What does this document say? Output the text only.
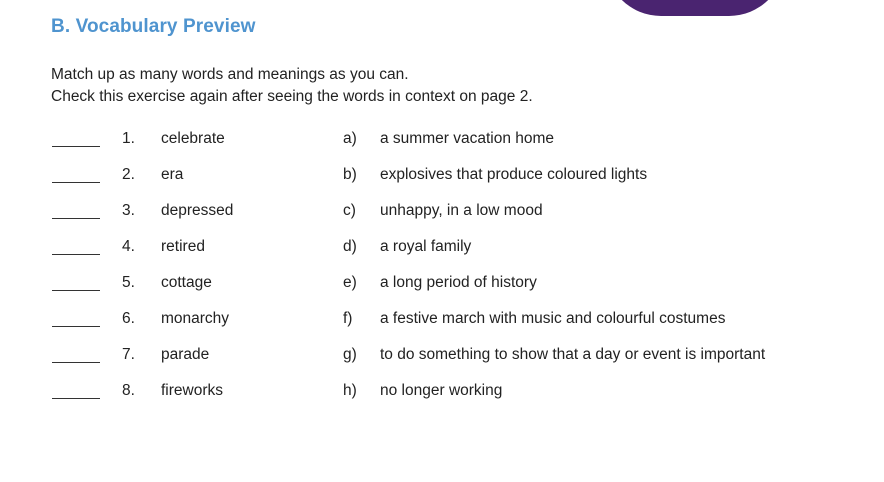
B. Vocabulary Preview
Match up as many words and meanings as you can.
Check this exercise again after seeing the words in context on page 2.
1. celebrate	a) a summer vacation home
2. era	b) explosives that produce coloured lights
3. depressed	c) unhappy, in a low mood
4. retired	d) a royal family
5. cottage	e) a long period of history
6. monarchy	f) a festive march with music and colourful costumes
7. parade	g) to do something to show that a day or event is important
8. fireworks	h) no longer working
